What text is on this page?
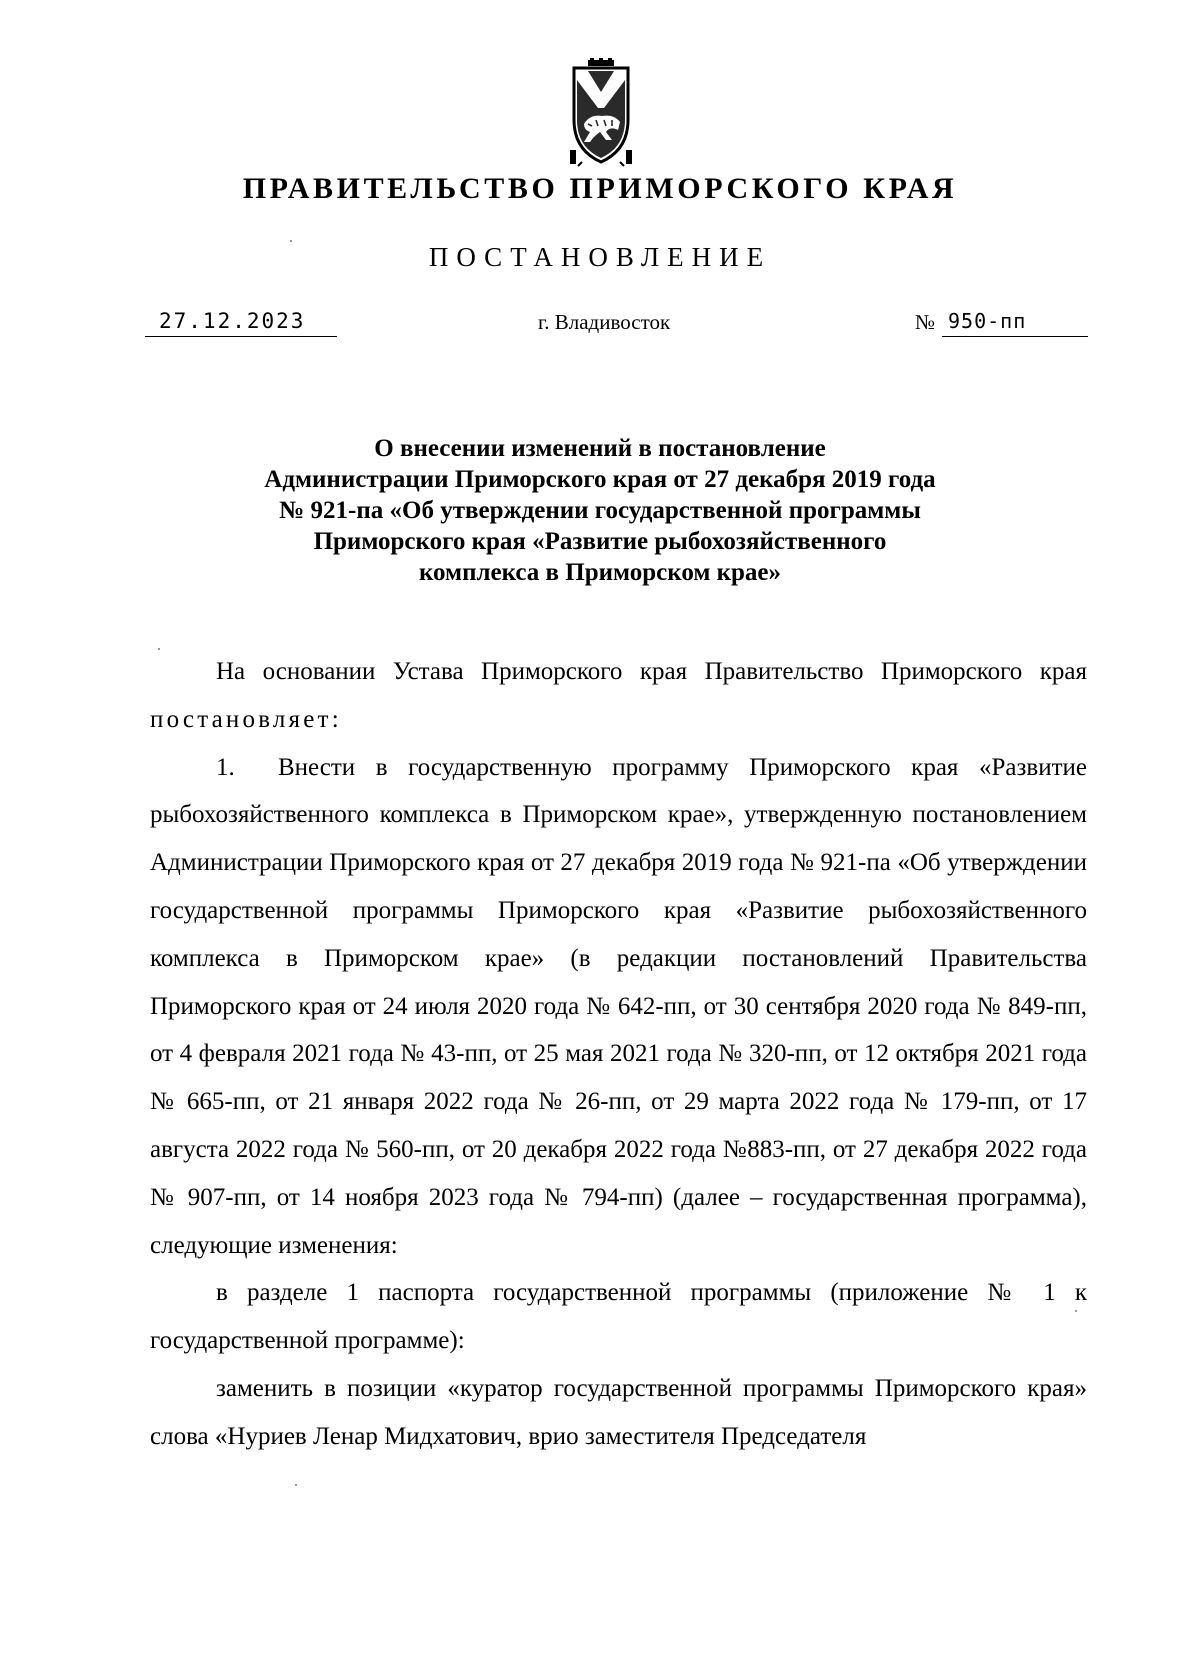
ПРАВИТЕЛЬСТВО ПРИМОРСКОГО КРАЯ
ПОСТАНОВЛЕНИЕ
27.12.2023	г. Владивосток	№ 950-пп
О внесении изменений в постановление
Администрации Приморского края от 27 декабря 2019 года
№ 921-па «Об утверждении государственной программы
Приморского края «Развитие рыбохозяйственного
комплекса в Приморском крае»

На основании Устава Приморского края Правительство Приморского края постановляет:

1. Внести в государственную программу Приморского края «Развитие рыбохозяйственного комплекса в Приморском крае», утвержденную постановлением Администрации Приморского края от 27 декабря 2019 года № 921-па «Об утверждении государственной программы Приморского края «Развитие рыбохозяйственного комплекса в Приморском крае» (в редакции постановлений Правительства Приморского края от 24 июля 2020 года № 642-пп, от 30 сентября 2020 года № 849-пп, от 4 февраля 2021 года № 43-пп, от 25 мая 2021 года № 320-пп, от 12 октября 2021 года № 665-пп, от 21 января 2022 года № 26-пп, от 29 марта 2022 года № 179-пп, от 17 августа 2022 года № 560-пп, от 20 декабря 2022 года №883-пп, от 27 декабря 2022 года № 907-пп, от 14 ноября 2023 года № 794-пп) (далее – государственная программа), следующие изменения:

в разделе 1 паспорта государственной программы (приложение № 1 к государственной программе):

заменить в позиции «куратор государственной программы Приморского края» слова «Нуриев Ленар Мидхатович, врио заместителя Председателя
